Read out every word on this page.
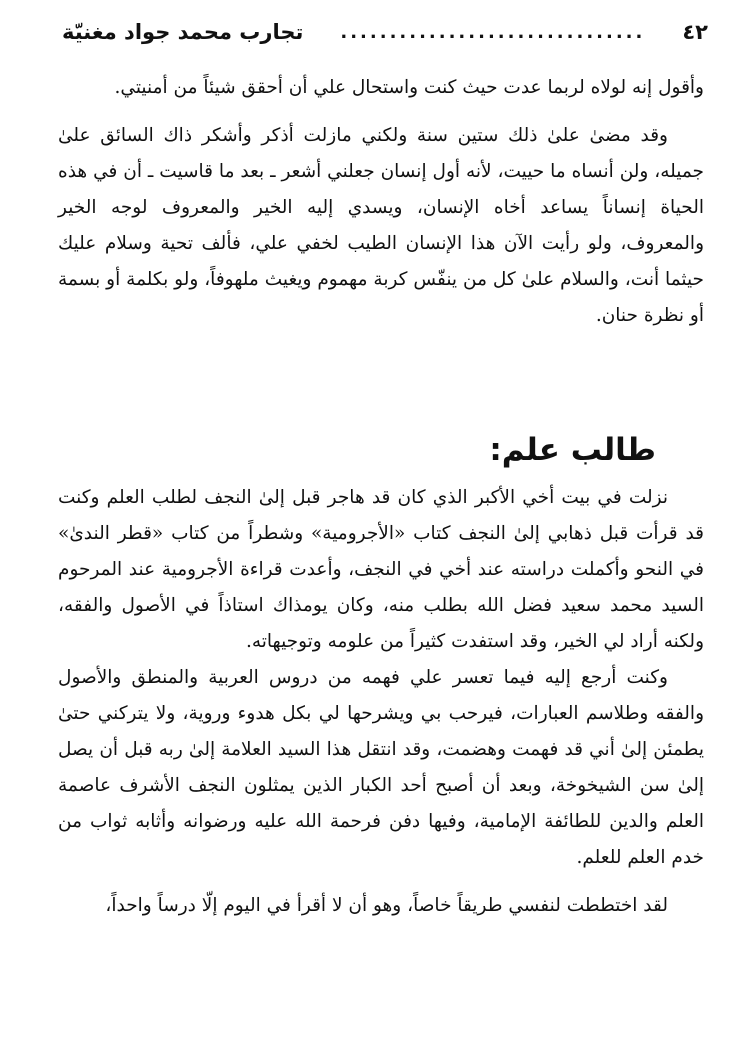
٤٢
...............................
تجارب محمد جواد مغنيّة

وأقول إنه لولاه لربما عدت حيث كنت واستحال علي أن أحقق شيئاً من أمنيتي.

وقد مضىٰ علىٰ ذلك ستين سنة ولكني مازلت أذكر وأشكر ذاك السائق علىٰ جميله، ولن أنساه ما حييت، لأنه أول إنسان جعلني أشعر ـ بعد ما قاسيت ـ أن في هذه الحياة إنساناً يساعد أخاه الإنسان، ويسدي إليه الخير والمعروف لوجه الخير والمعروف، ولو رأيت الآن هذا الإنسان الطيب لخفي علي، فألف تحية وسلام عليك حيثما أنت، والسلام علىٰ كل من ينفّس كربة مهموم ويغيث ملهوفاً، ولو بكلمة أو بسمة أو نظرة حنان.

طالب علم:

نزلت في بيت أخي الأكبر الذي كان قد هاجر قبل إلىٰ النجف لطلب العلم وكنت قد قرأت قبل ذهابي إلىٰ النجف كتاب «الأجرومية» وشطراً من كتاب «قطر الندىٰ» في النحو وأكملت دراسته عند أخي في النجف، وأعدت قراءة الأجرومية عند المرحوم السيد محمد سعيد فضل الله بطلب منه، وكان يومذاك استاذاً في الأصول والفقه، ولكنه أراد لي الخير، وقد استفدت كثيراً من علومه وتوجيهاته.

وكنت أرجع إليه فيما تعسر علي فهمه من دروس العربية والمنطق والأصول والفقه وطلاسم العبارات، فيرحب بي ويشرحها لي بكل هدوء وروية، ولا يتركني حتىٰ يطمئن إلىٰ أني قد فهمت وهضمت، وقد انتقل هذا السيد العلامة إلىٰ ربه قبل أن يصل إلىٰ سن الشيخوخة، وبعد أن أصبح أحد الكبار الذين يمثلون النجف الأشرف عاصمة العلم والدين للطائفة الإمامية، وفيها دفن فرحمة الله عليه ورضوانه وأثابه ثواب من خدم العلم للعلم.

لقد اختططت لنفسي طريقاً خاصاً، وهو أن لا أقرأ في اليوم إلّا درساً واحداً،
